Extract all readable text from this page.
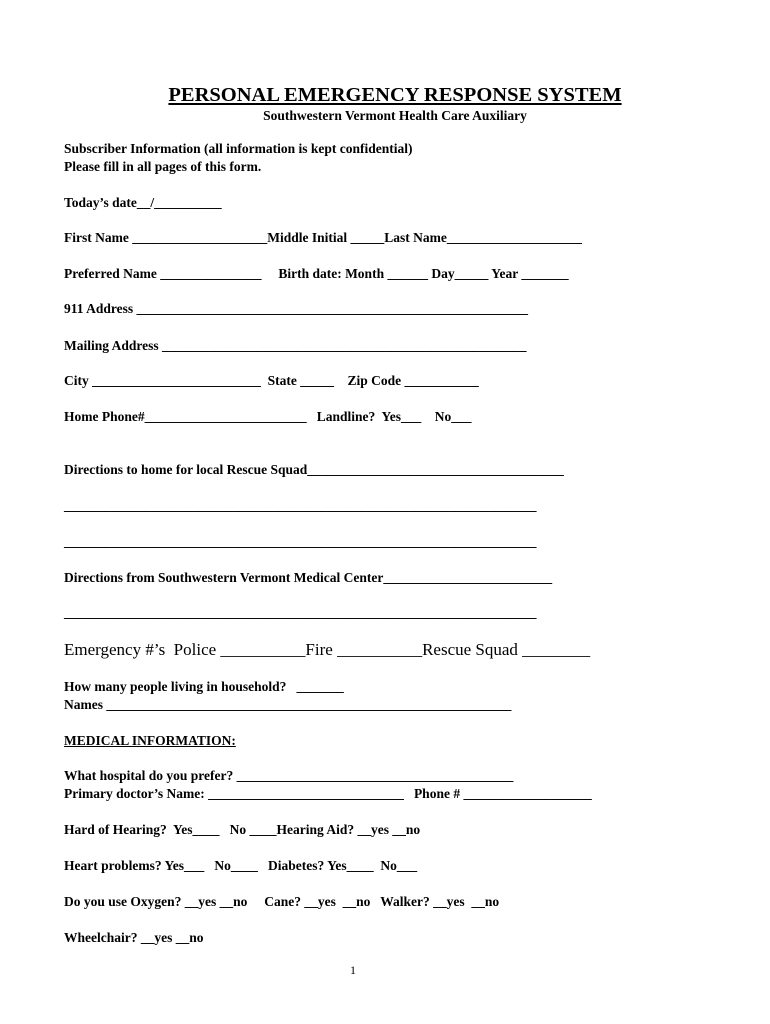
PERSONAL EMERGENCY RESPONSE SYSTEM
Southwestern Vermont Health Care Auxiliary
Subscriber Information (all information is kept confidential)
Please fill in all pages of this form.
Today’s date__/__________
First Name ____________________Middle Initial _____Last Name____________________
Preferred Name _______________     Birth date: Month ______ Day_____ Year _______
911 Address __________________________________________________________
Mailing Address ______________________________________________________
City _________________________  State _____    Zip Code ___________
Home Phone#________________________   Landline?  Yes___    No___
Directions to home for local Rescue Squad______________________________________
______________________________________________________________________
______________________________________________________________________
Directions from Southwestern Vermont Medical Center_________________________
______________________________________________________________________
Emergency #’s  Police __________Fire __________Rescue Squad ________
How many people living in household?   _______
Names ____________________________________________________________
MEDICAL INFORMATION:
What hospital do you prefer? _________________________________________
Primary doctor’s Name: _____________________________   Phone # ___________________
Hard of Hearing?  Yes____   No ____Hearing Aid? __yes __no
Heart problems? Yes___   No____   Diabetes? Yes____  No___
Do you use Oxygen? __yes __no     Cane? __yes  __no   Walker? __yes  __no
Wheelchair? __yes __no
1
